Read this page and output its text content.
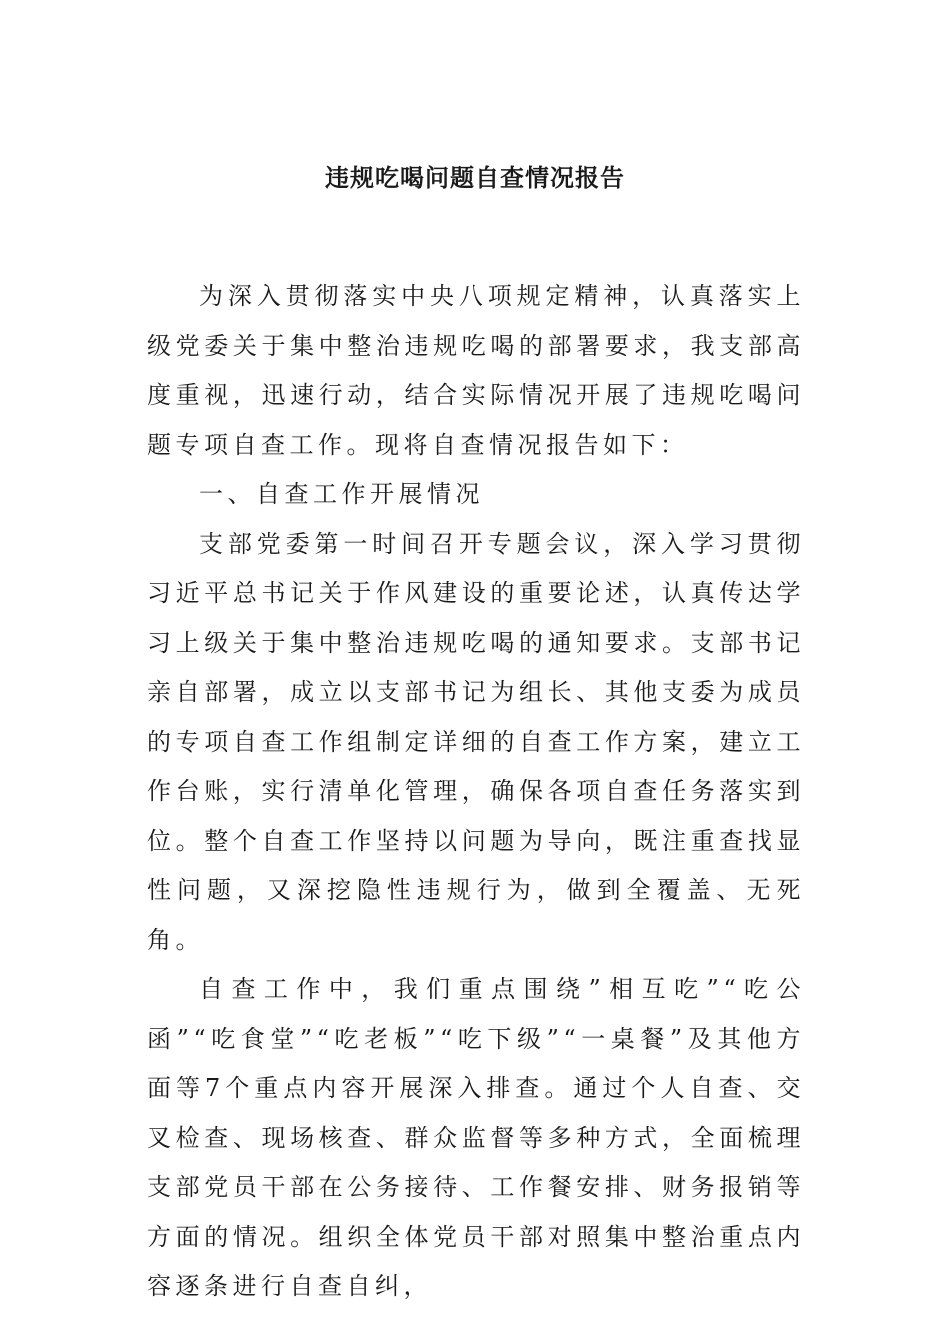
违规吃喝问题自查情况报告

为深入贯彻落实中央八项规定精神，认真落实上级党委关于集中整治违规吃喝的部署要求，我支部高度重视，迅速行动，结合实际情况开展了违规吃喝问题专项自查工作。现将自查情况报告如下：

一、自查工作开展情况

支部党委第一时间召开专题会议，深入学习贯彻习近平总书记关于作风建设的重要论述，认真传达学习上级关于集中整治违规吃喝的通知要求。支部书记亲自部署，成立以支部书记为组长、其他支委为成员的专项自查工作组制定详细的自查工作方案，建立工作台账，实行清单化管理，确保各项自查任务落实到位。整个自查工作坚持以问题为导向，既注重查找显性问题，又深挖隐性违规行为，做到全覆盖、无死角。

自查工作中，我们重点围绕”相互吃”“吃公函”“吃食堂”“吃老板”“吃下级”“一桌餐”及其他方面等7个重点内容开展深入排查。通过个人自查、交叉检查、现场核查、群众监督等多种方式，全面梳理支部党员干部在公务接待、工作餐安排、财务报销等方面的情况。组织全体党员干部对照集中整治重点内容逐条进行自查自纠，
